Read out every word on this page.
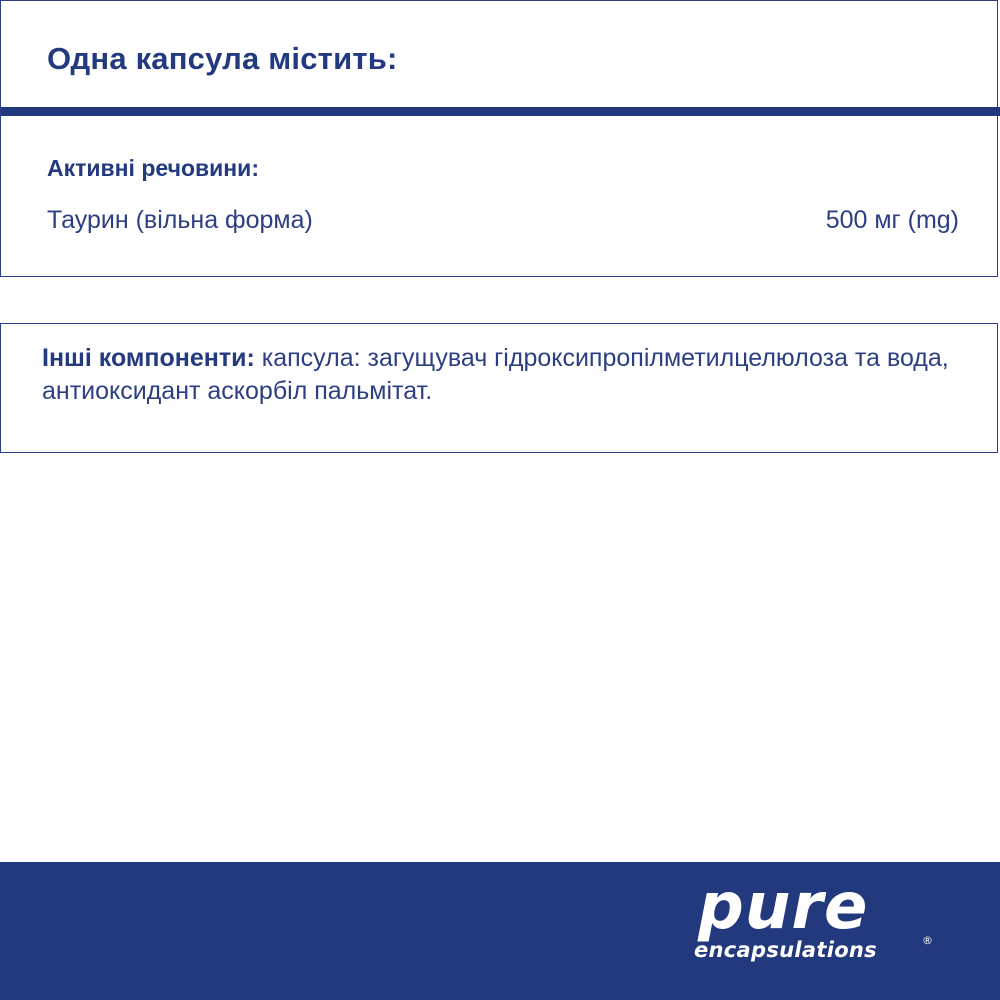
Одна капсула містить:
Активні речовини:
Таурин (вільна форма)	500 мг (mg)
Інші компоненти: капсула: загущувач гідроксипропілметилцелюлоза та вода, антиоксидант аскорбіл пальмітат.
pure
encapsulations	®
